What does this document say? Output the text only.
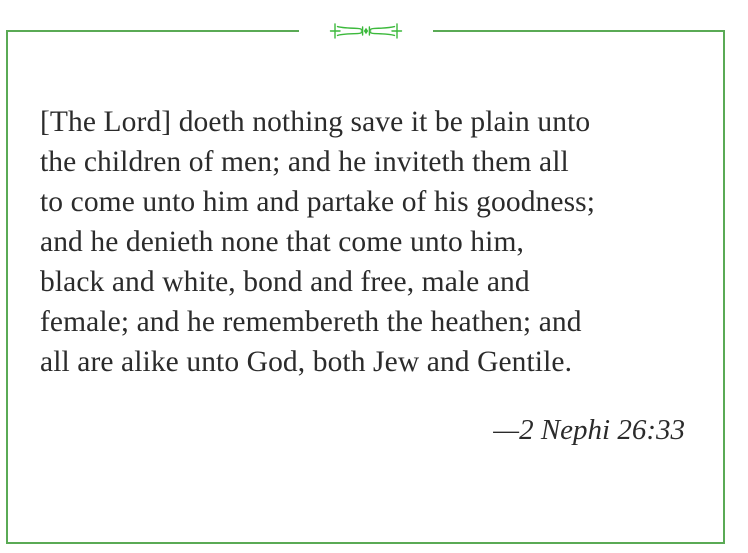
[The Lord] doeth nothing save it be plain unto
the children of men; and he inviteth them all
to come unto him and partake of his goodness;
and he denieth none that come unto him,
black and white, bond and free, male and
female; and he remembereth the heathen; and
all are alike unto God, both Jew and Gentile.
—2 Nephi 26:33
